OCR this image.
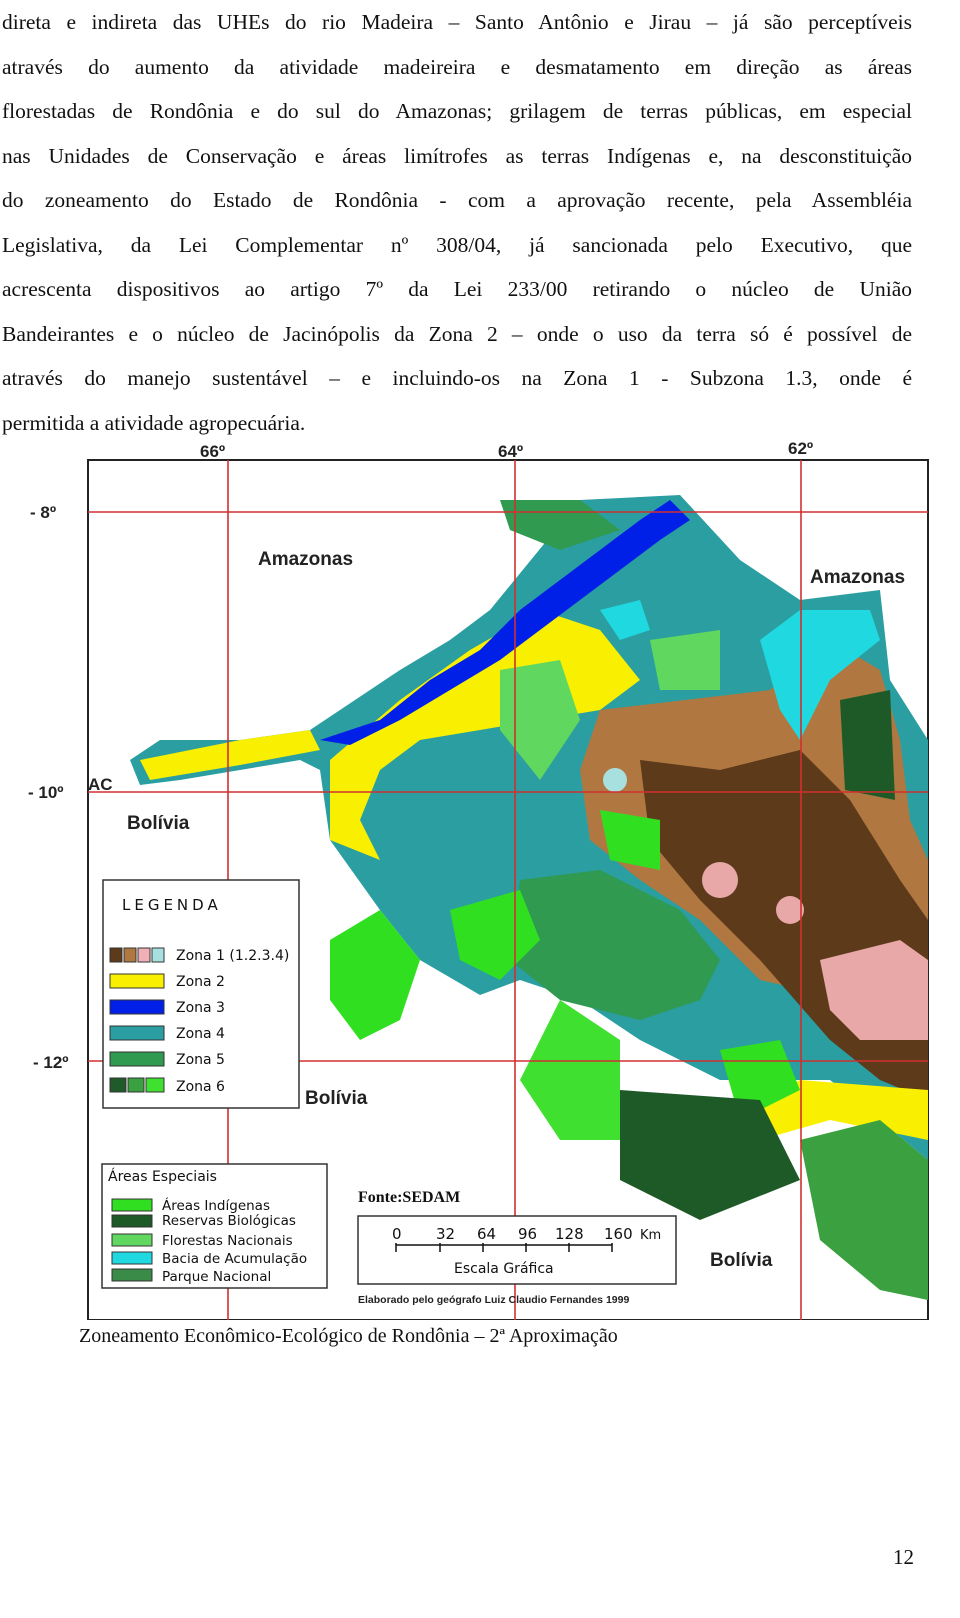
direta e indireta das UHEs do rio Madeira – Santo Antônio e Jirau – já são perceptíveis
através do aumento da atividade madeireira e desmatamento em direção as áreas
florestadas de Rondônia e do sul do Amazonas; grilagem de terras públicas, em especial
nas Unidades de Conservação e áreas limítrofes as terras Indígenas e, na desconstituição
do zoneamento do Estado de Rondônia - com a aprovação recente, pela Assembléia
Legislativa, da Lei Complementar nº 308/04, já sancionada pelo Executivo, que
acrescenta dispositivos ao artigo 7º da Lei 233/00 retirando o núcleo de União
Bandeirantes e o núcleo de Jacinópolis da Zona 2 – onde o uso da terra só é possível de
através do manejo sustentável – e incluindo-os na Zona 1 - Subzona 1.3, onde é
permitida a atividade agropecuária.
66º	64º	62º
- 8º
- 10º
- 12º
Amazonas
Amazonas
AC
Bolívia
Bolívia
Bolívia
LEGENDA
Zona 1 (1.2.3.4)
Zona 2
Zona 3
Zona 4
Zona 5
Zona 6
Áreas Especiais
Áreas Indígenas
Reservas Biológicas
Florestas Nacionais
Bacia de Acumulação
Parque Nacional
Fonte:SEDAM
0 32 64 96 128 160 Km
Escala Gráfica
Elaborado pelo geógrafo Luiz Claudio Fernandes 1999
Zoneamento Econômico-Ecológico de Rondônia – 2ª Aproximação
12
